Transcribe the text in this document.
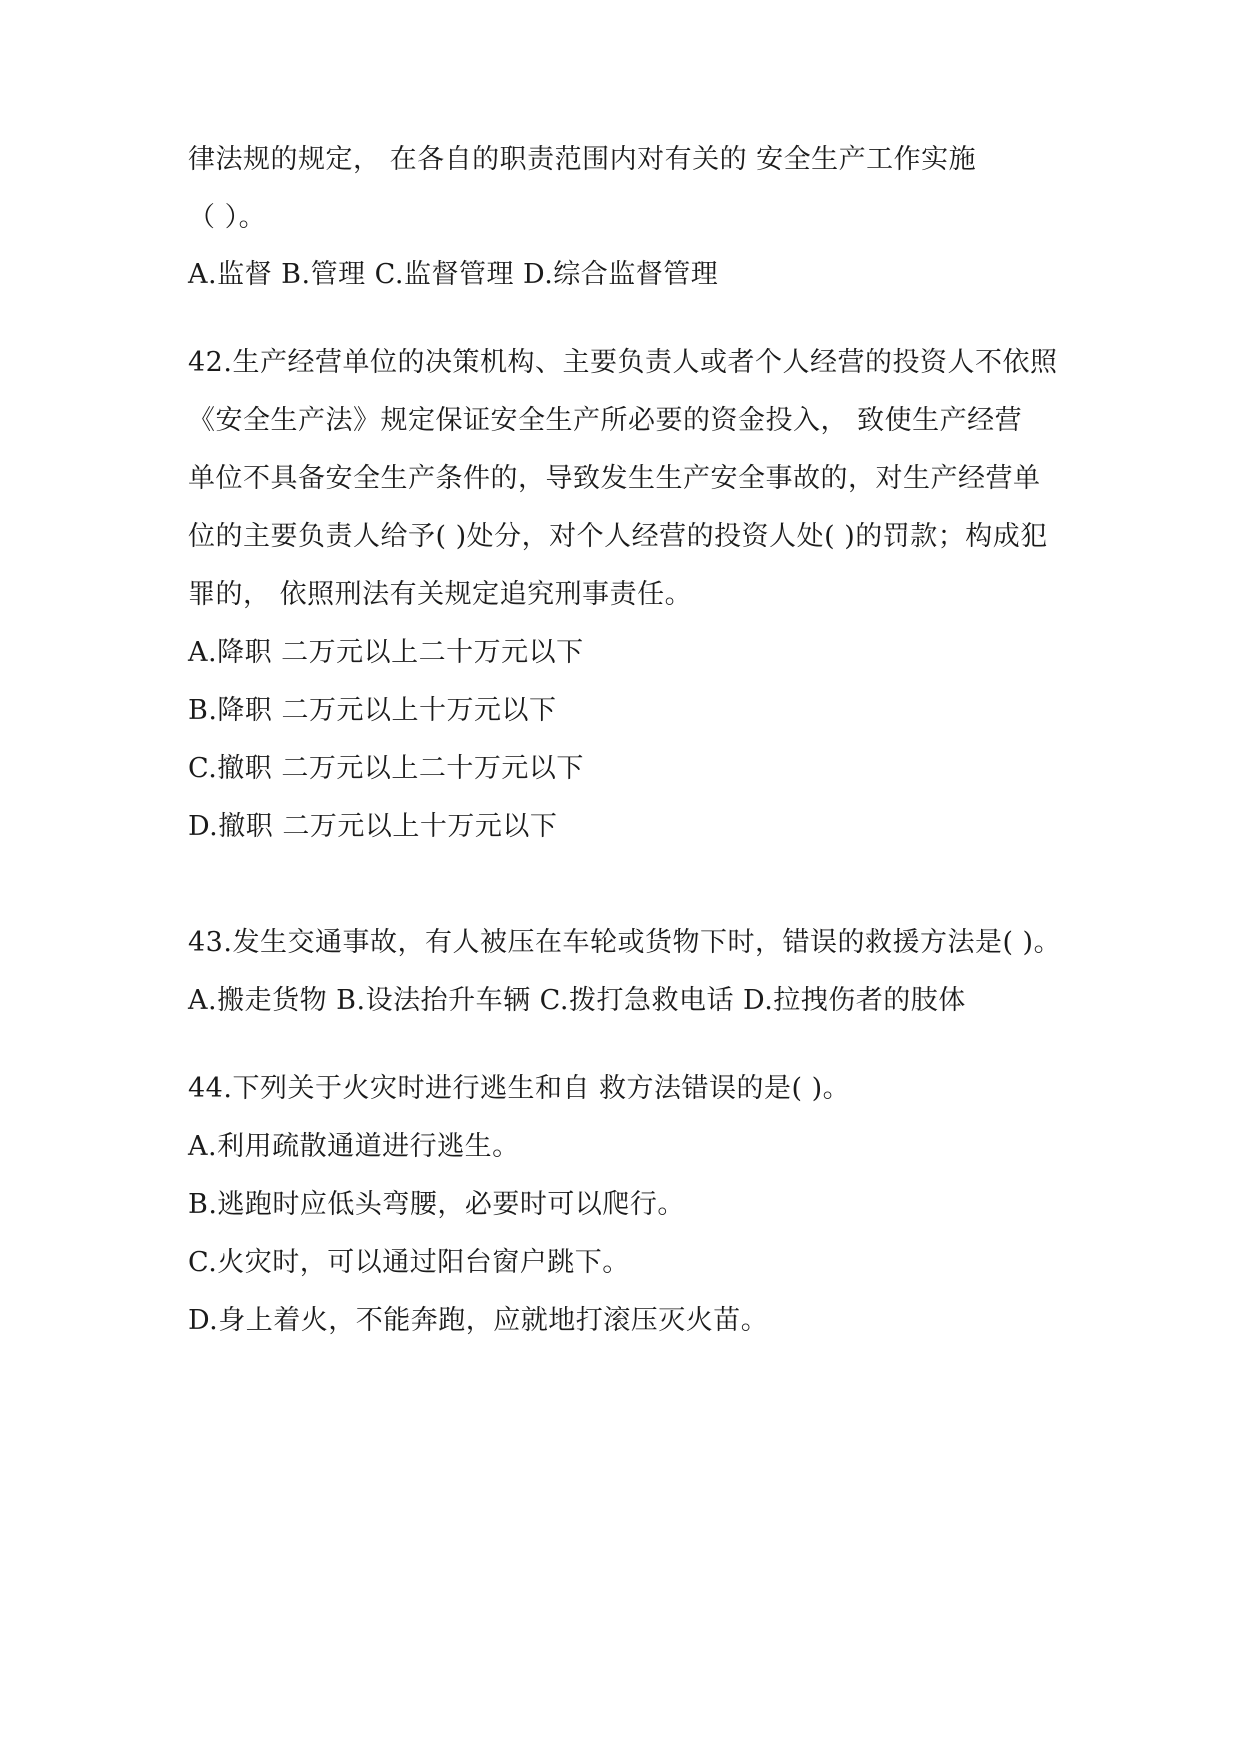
律法规的规定， 在各自的职责范围内对有关的 安全生产工作实施
（ ）。
A.监督 B.管理 C.监督管理 D.综合监督管理
42.生产经营单位的决策机构、主要负责人或者个人经营的投资人不依照
《安全生产法》规定保证安全生产所必要的资金投入， 致使生产经营
单位不具备安全生产条件的，导致发生生产安全事故的，对生产经营单
位的主要负责人给予( )处分，对个人经营的投资人处( )的罚款；构成犯
罪的， 依照刑法有关规定追究刑事责任。
A.降职 二万元以上二十万元以下
B.降职 二万元以上十万元以下
C.撤职 二万元以上二十万元以下
D.撤职 二万元以上十万元以下
43.发生交通事故，有人被压在车轮或货物下时，错误的救援方法是( )。
A.搬走货物 B.设法抬升车辆 C.拨打急救电话 D.拉拽伤者的肢体
44.下列关于火灾时进行逃生和自 救方法错误的是( )。
A.利用疏散通道进行逃生。
B.逃跑时应低头弯腰，必要时可以爬行。
C.火灾时，可以通过阳台窗户跳下。
D.身上着火，不能奔跑，应就地打滚压灭火苗。
